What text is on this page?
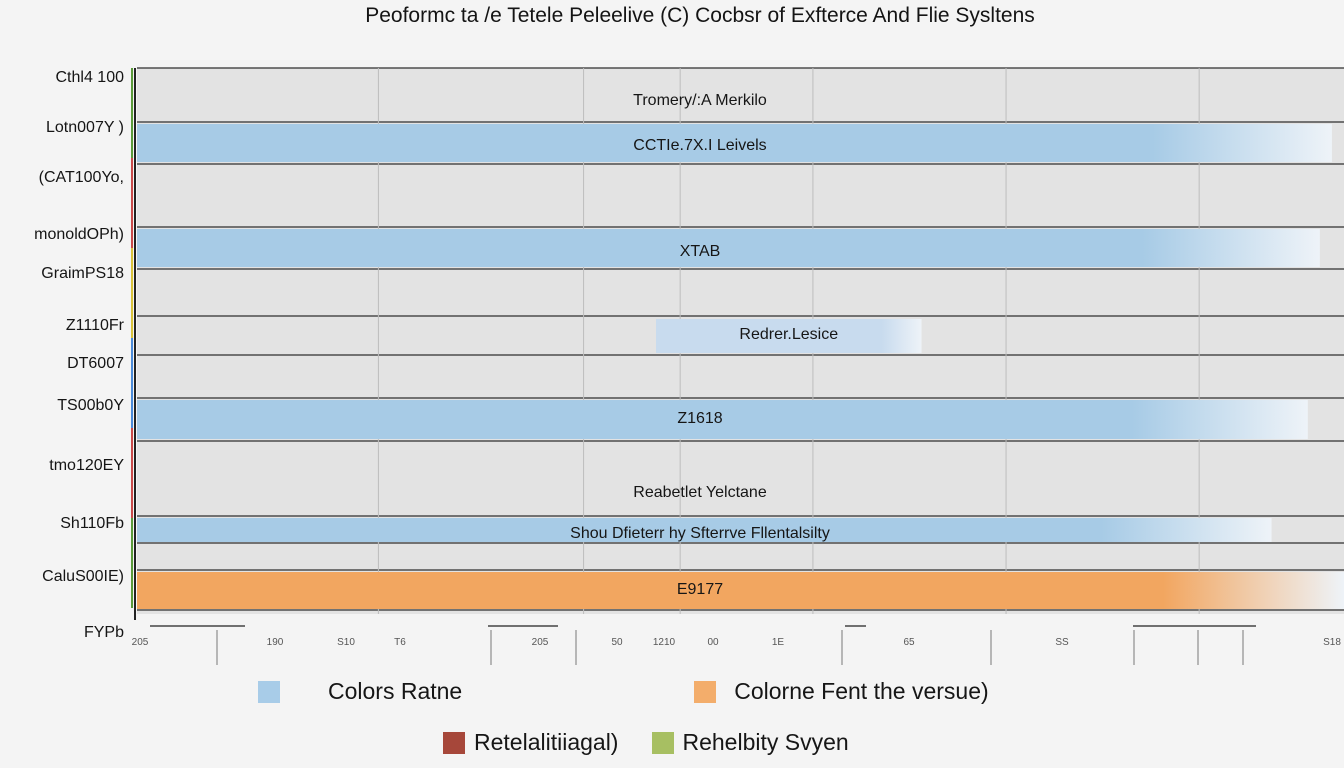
Peoformc ta /e Tetele Peleelive (C) Cocbsr of Exfterce And Flie Sysltens
Tromery/:A Merkilo
CCTIe.7X.I Leivels
XTAB
Redrer.Lesice
Z1618
Reabetlet Yelctane
Shou Dfieterr hy Sfterrve Fllentalsilty
E9177
Cthl4 100
Lotn007Y )
(CAT100Yo,
monoldOPh)
GraimPS18
Z1110Fr
DT6007
TS00b0Y
tmo120EY
Sh110Fb
CaluS00IE)
FYPb
205	190	S10	T6	205	50	1210	00	1E	65	SS	S18
Colors Ratne	Colorne Fent the versue)
Retelalitiiagal)	Rehelbity Svyen
